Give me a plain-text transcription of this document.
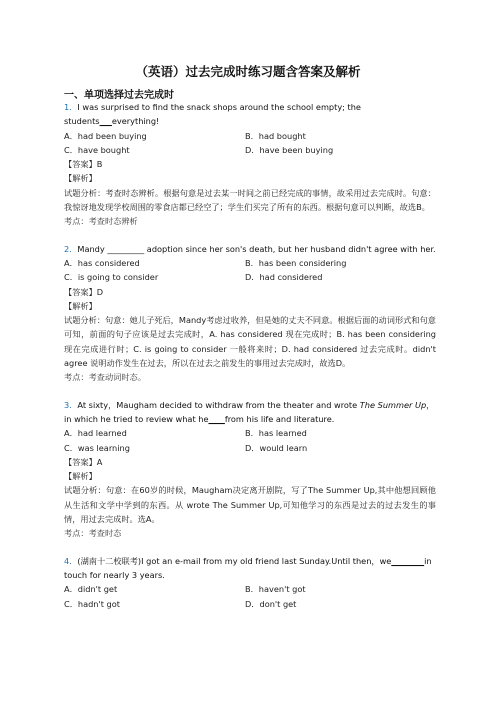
（英语）过去完成时练习题含答案及解析
一、单项选择过去完成时

1．I was surprised to find the snack shops around the school empty; the students___everything!

A．had been buying	B．had bought
C．have bought	D．have been buying

【答案】B

【解析】

试题分析：考查时态辨析。根据句意是过去某一时间之前已经完成的事情，故采用过去完成时。句意：我惊讶地发现学校周围的零食店都已经空了；学生们买完了所有的东西。根据句意可以判断，故选B。

考点：考查时态辨析

2．Mandy _________ adoption since her son's death, but her husband didn't agree with her.

A．has considered	B．has been considering
C．is going to consider	D．had considered

【答案】D

【解析】

试题分析：句意：她儿子死后，Mandy考虑过收养，但是她的丈夫不同意。根据后面的动词形式和句意可知，前面的句子应该是过去完成时，A. has considered 现在完成时；B. has been considering 现在完成进行时；C. is going to consider 一般将来时；D. had considered 过去完成时。didn't agree 说明动作发生在过去，所以在过去之前发生的事用过去完成时，故选D。

考点：考查动词时态。

3．At sixty，Maugham decided to withdraw from the theater and wrote The Summer Up，in which he tried to review what he____from his life and literature.

A．had learned	B．has learned
C．was learning	D．would learn

【答案】A

【解析】

试题分析：句意：在60岁的时候，Maugham决定离开剧院，写了The Summer Up,其中他想回顾他从生活和文学中学到的东西。从 wrote The Summer Up,可知他学习的东西是过去的过去发生的事情，用过去完成时。选A。

考点：考查时态

4．(湖南十二校联考)I got an e-mail from my old friend last Sunday.Until then，we________in touch for nearly 3 years.

A．didn't get	B．haven't got
C．hadn't got	D．don't get
